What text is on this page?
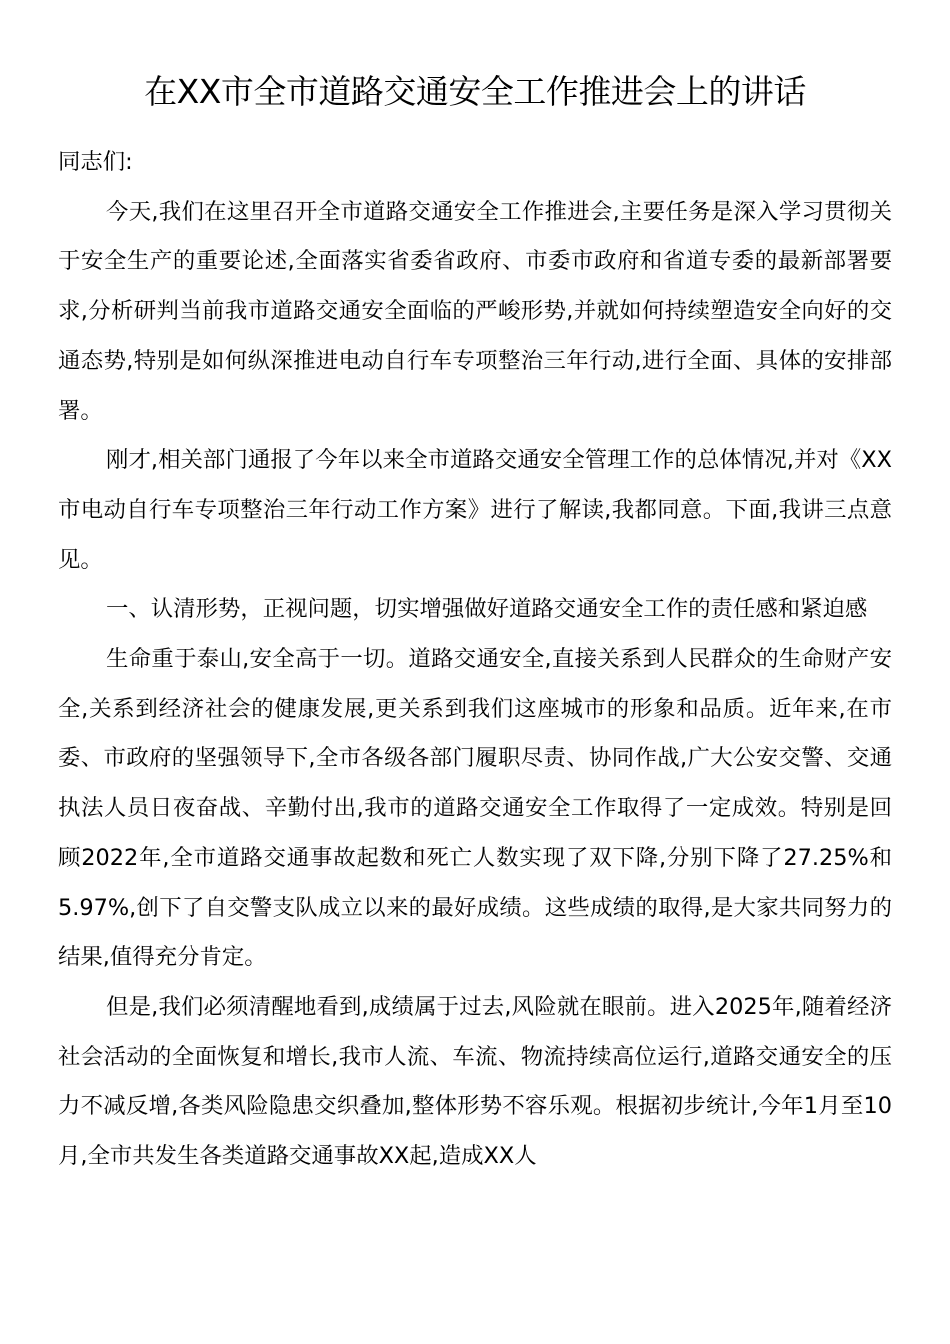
在XX市全市道路交通安全工作推进会上的讲话

同志们:

今天,我们在这里召开全市道路交通安全工作推进会,主要任务是深入学习贯彻关于安全生产的重要论述,全面落实省委省政府、市委市政府和省道专委的最新部署要求,分析研判当前我市道路交通安全面临的严峻形势,并就如何持续塑造安全向好的交通态势,特别是如何纵深推进电动自行车专项整治三年行动,进行全面、具体的安排部署。

刚才,相关部门通报了今年以来全市道路交通安全管理工作的总体情况,并对《XX市电动自行车专项整治三年行动工作方案》进行了解读,我都同意。下面,我讲三点意见。

一、认清形势，正视问题，切实增强做好道路交通安全工作的责任感和紧迫感

生命重于泰山,安全高于一切。道路交通安全,直接关系到人民群众的生命财产安全,关系到经济社会的健康发展,更关系到我们这座城市的形象和品质。近年来,在市委、市政府的坚强领导下,全市各级各部门履职尽责、协同作战,广大公安交警、交通执法人员日夜奋战、辛勤付出,我市的道路交通安全工作取得了一定成效。特别是回顾2022年,全市道路交通事故起数和死亡人数实现了双下降,分别下降了27.25%和5.97%,创下了自交警支队成立以来的最好成绩。这些成绩的取得,是大家共同努力的结果,值得充分肯定。

但是,我们必须清醒地看到,成绩属于过去,风险就在眼前。进入2025年,随着经济社会活动的全面恢复和增长,我市人流、车流、物流持续高位运行,道路交通安全的压力不减反增,各类风险隐患交织叠加,整体形势不容乐观。根据初步统计,今年1月至10月,全市共发生各类道路交通事故XX起,造成XX人
